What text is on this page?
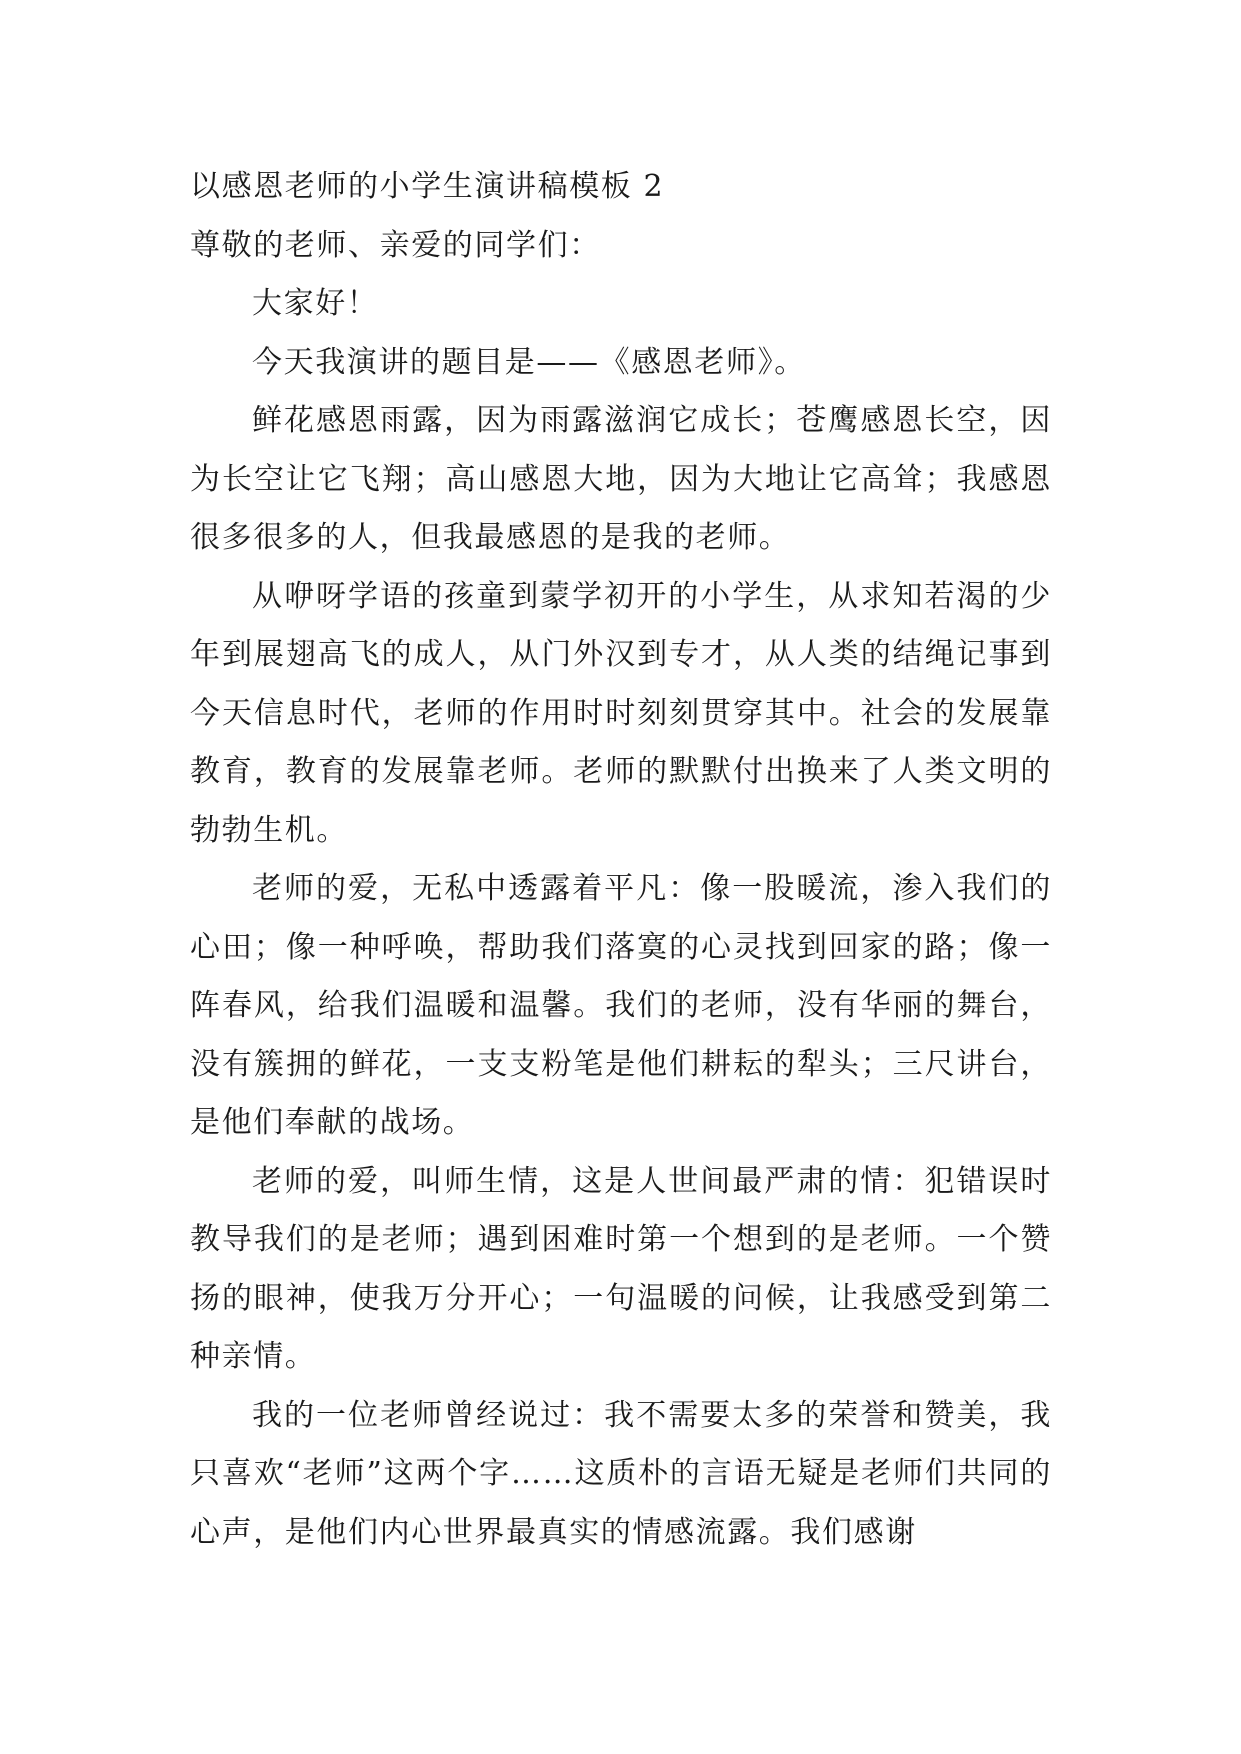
以感恩老师的小学生演讲稿模板 2

尊敬的老师、亲爱的同学们：

大家好！

今天我演讲的题目是——《感恩老师》。

鲜花感恩雨露，因为雨露滋润它成长；苍鹰感恩长空，因为长空让它飞翔；高山感恩大地，因为大地让它高耸；我感恩很多很多的人，但我最感恩的是我的老师。

从咿呀学语的孩童到蒙学初开的小学生，从求知若渴的少年到展翅高飞的成人，从门外汉到专才，从人类的结绳记事到今天信息时代，老师的作用时时刻刻贯穿其中。社会的发展靠教育，教育的发展靠老师。老师的默默付出换来了人类文明的勃勃生机。

老师的爱，无私中透露着平凡：像一股暖流，渗入我们的心田；像一种呼唤，帮助我们落寞的心灵找到回家的路；像一阵春风，给我们温暖和温馨。我们的老师，没有华丽的舞台，没有簇拥的鲜花，一支支粉笔是他们耕耘的犁头；三尺讲台，是他们奉献的战场。

老师的爱，叫师生情，这是人世间最严肃的情：犯错误时教导我们的是老师；遇到困难时第一个想到的是老师。一个赞扬的眼神，使我万分开心；一句温暖的问候，让我感受到第二种亲情。

我的一位老师曾经说过：我不需要太多的荣誉和赞美，我只喜欢“老师”这两个字……这质朴的言语无疑是老师们共同的心声，是他们内心世界最真实的情感流露。我们感谢
